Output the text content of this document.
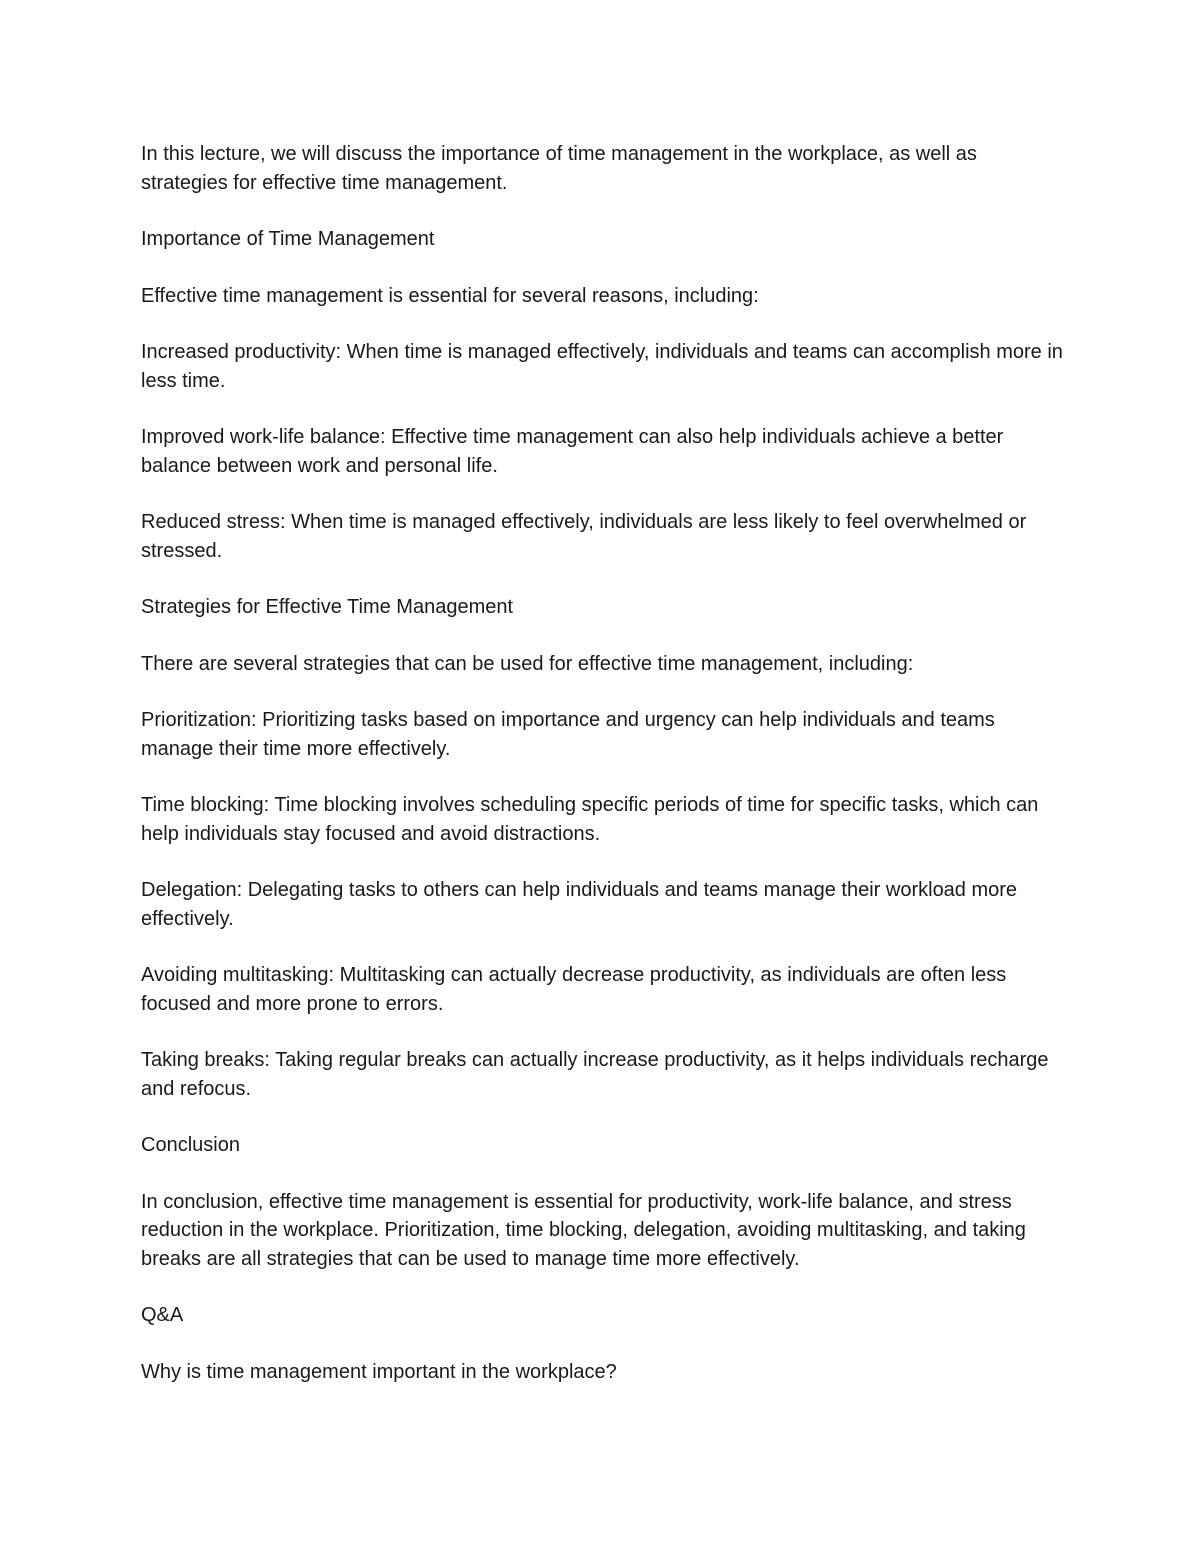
In this lecture, we will discuss the importance of time management in the workplace, as well as strategies for effective time management.

Importance of Time Management

Effective time management is essential for several reasons, including:

Increased productivity: When time is managed effectively, individuals and teams can accomplish more in less time.

Improved work-life balance: Effective time management can also help individuals achieve a better balance between work and personal life.

Reduced stress: When time is managed effectively, individuals are less likely to feel overwhelmed or stressed.

Strategies for Effective Time Management

There are several strategies that can be used for effective time management, including:

Prioritization: Prioritizing tasks based on importance and urgency can help individuals and teams manage their time more effectively.

Time blocking: Time blocking involves scheduling specific periods of time for specific tasks, which can help individuals stay focused and avoid distractions.

Delegation: Delegating tasks to others can help individuals and teams manage their workload more effectively.

Avoiding multitasking: Multitasking can actually decrease productivity, as individuals are often less focused and more prone to errors.

Taking breaks: Taking regular breaks can actually increase productivity, as it helps individuals recharge and refocus.

Conclusion

In conclusion, effective time management is essential for productivity, work-life balance, and stress reduction in the workplace. Prioritization, time blocking, delegation, avoiding multitasking, and taking breaks are all strategies that can be used to manage time more effectively.

Q&A

Why is time management important in the workplace?
